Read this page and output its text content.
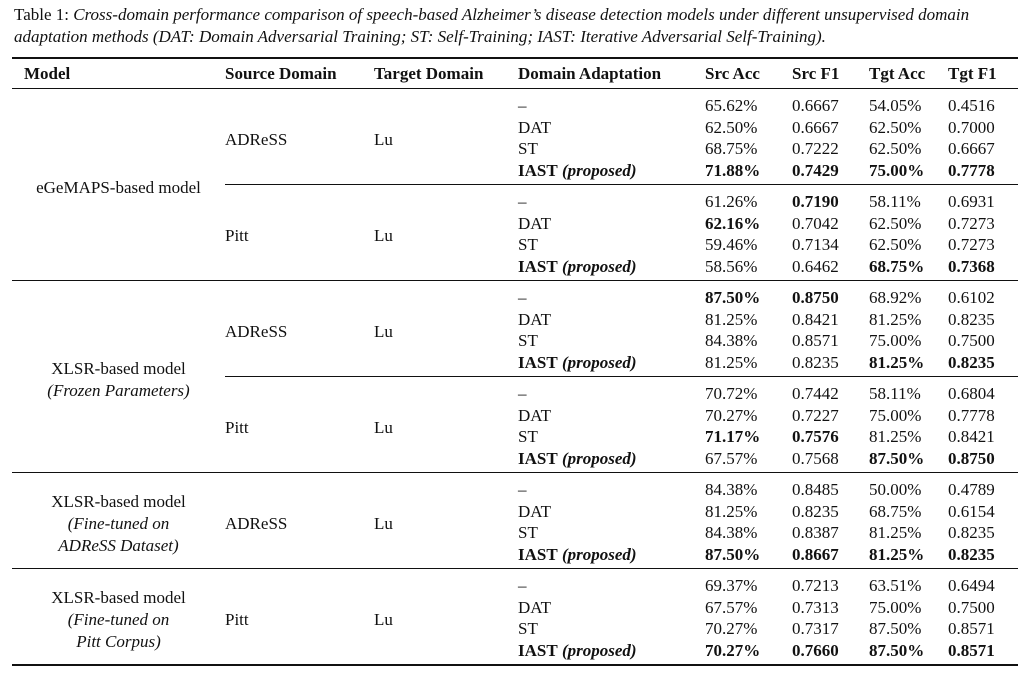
Table 1: Cross-domain performance comparison of speech-based Alzheimer’s disease detection models under different unsupervised domain adaptation methods (DAT: Domain Adversarial Training; ST: Self-Training; IAST: Iterative Adversarial Self-Training).
Model	Source Domain	Target Domain	Domain Adaptation	Src Acc	Src F1	Tgt Acc	Tgt F1

eGeMAPS-based model	ADReSS	Lu	–	65.62%	0.6667	54.05%	0.4516
			DAT	62.50%	0.6667	62.50%	0.7000
			ST	68.75%	0.7222	62.50%	0.6667
			IAST (proposed)	71.88%	0.7429	75.00%	0.7778
	Pitt	Lu	–	61.26%	0.7190	58.11%	0.6931
			DAT	62.16%	0.7042	62.50%	0.7273
			ST	59.46%	0.7134	62.50%	0.7273
			IAST (proposed)	58.56%	0.6462	68.75%	0.7368

XLSR-based model
(Frozen Parameters)	ADReSS	Lu	–	87.50%	0.8750	68.92%	0.6102
			DAT	81.25%	0.8421	81.25%	0.8235
			ST	84.38%	0.8571	75.00%	0.7500
			IAST (proposed)	81.25%	0.8235	81.25%	0.8235
	Pitt	Lu	–	70.72%	0.7442	58.11%	0.6804
			DAT	70.27%	0.7227	75.00%	0.7778
			ST	71.17%	0.7576	81.25%	0.8421
			IAST (proposed)	67.57%	0.7568	87.50%	0.8750

XLSR-based model
(Fine-tuned on
ADReSS Dataset)	ADReSS	Lu	–	84.38%	0.8485	50.00%	0.4789
			DAT	81.25%	0.8235	68.75%	0.6154
			ST	84.38%	0.8387	81.25%	0.8235
			IAST (proposed)	87.50%	0.8667	81.25%	0.8235

XLSR-based model
(Fine-tuned on
Pitt Corpus)	Pitt	Lu	–	69.37%	0.7213	63.51%	0.6494
			DAT	67.57%	0.7313	75.00%	0.7500
			ST	70.27%	0.7317	87.50%	0.8571
			IAST (proposed)	70.27%	0.7660	87.50%	0.8571
